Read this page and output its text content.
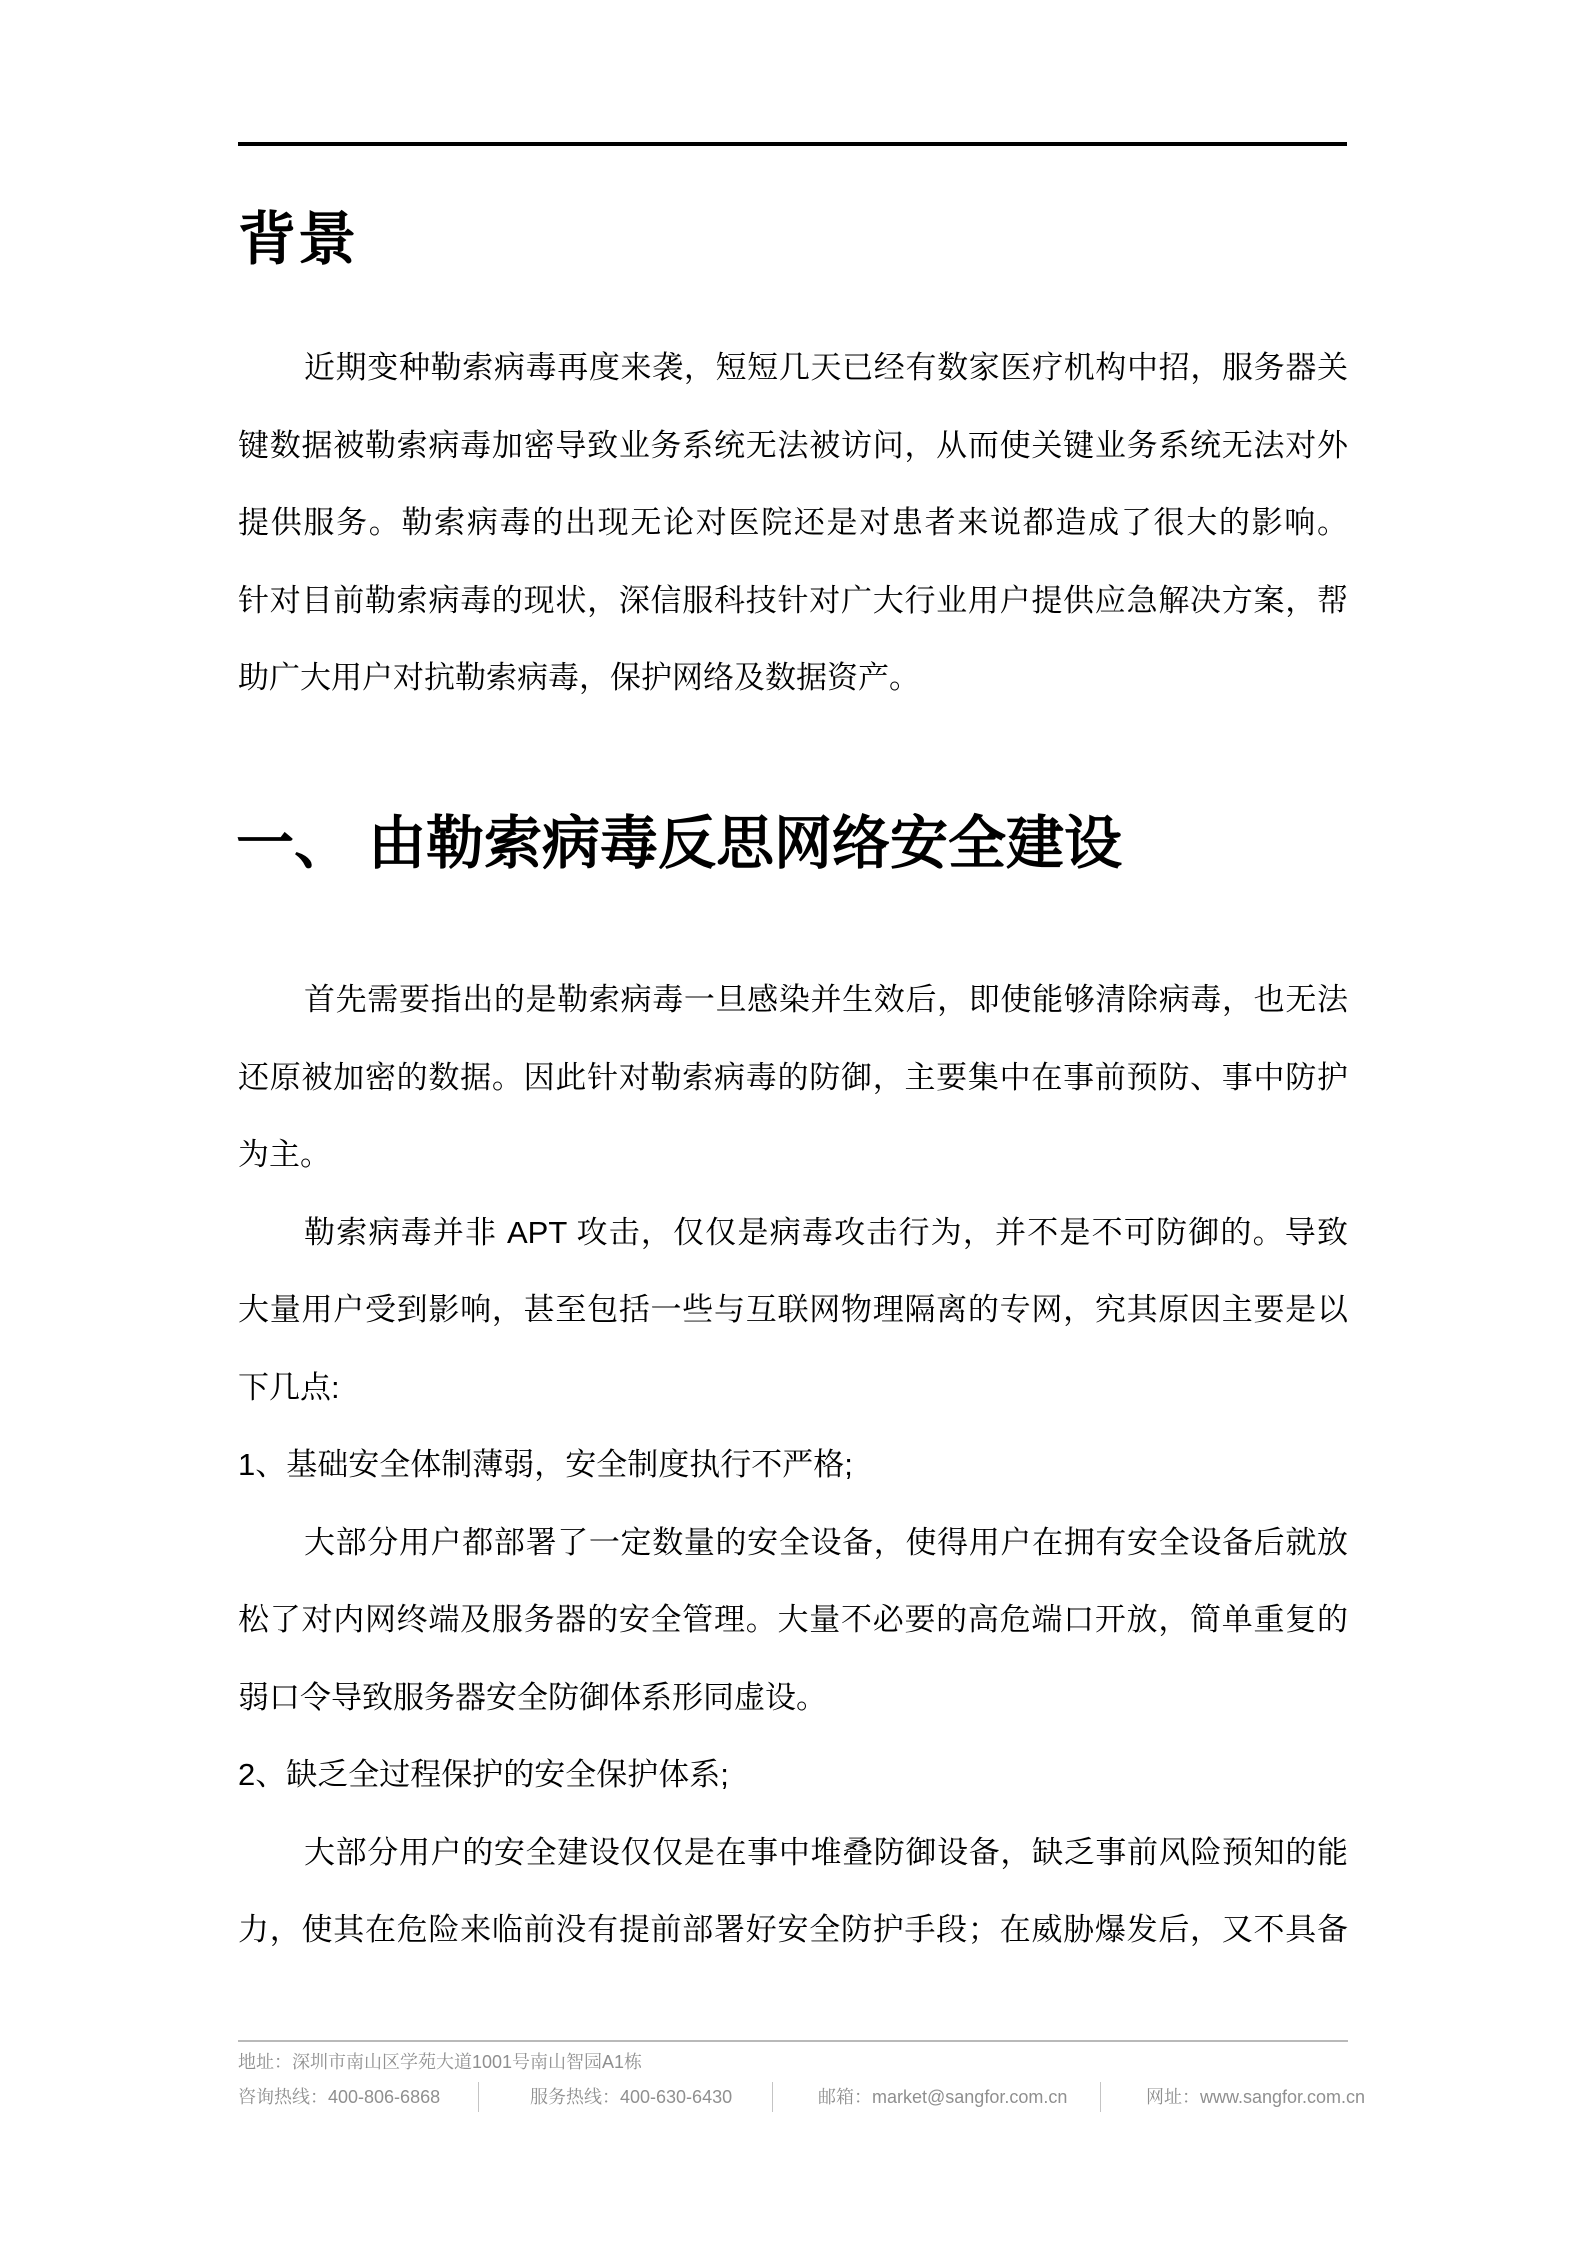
背景
近期变种勒索病毒再度来袭，短短几天已经有数家医疗机构中招，服务器关
键数据被勒索病毒加密导致业务系统无法被访问，从而使关键业务系统无法对外
提供服务。勒索病毒的出现无论对医院还是对患者来说都造成了很大的影响。
针对目前勒索病毒的现状，深信服科技针对广大行业用户提供应急解决方案，帮
助广大用户对抗勒索病毒，保护网络及数据资产。
一、 由勒索病毒反思网络安全建设
首先需要指出的是勒索病毒一旦感染并生效后，即使能够清除病毒，也无法
还原被加密的数据。因此针对勒索病毒的防御，主要集中在事前预防、事中防护
为主。
勒索病毒并非 APT 攻击，仅仅是病毒攻击行为，并不是不可防御的。导致
大量用户受到影响，甚至包括一些与互联网物理隔离的专网，究其原因主要是以
下几点:
1、基础安全体制薄弱，安全制度执行不严格;
大部分用户都部署了一定数量的安全设备，使得用户在拥有安全设备后就放
松了对内网终端及服务器的安全管理。大量不必要的高危端口开放，简单重复的
弱口令导致服务器安全防御体系形同虚设。
2、缺乏全过程保护的安全保护体系;
大部分用户的安全建设仅仅是在事中堆叠防御设备，缺乏事前风险预知的能
力，使其在危险来临前没有提前部署好安全防护手段；在威胁爆发后，又不具备
地址：深圳市南山区学苑大道1001号南山智园A1栋
咨询热线：400-806-6868	服务热线：400-630-6430	邮箱：market@sangfor.com.cn	网址：www.sangfor.com.cn
